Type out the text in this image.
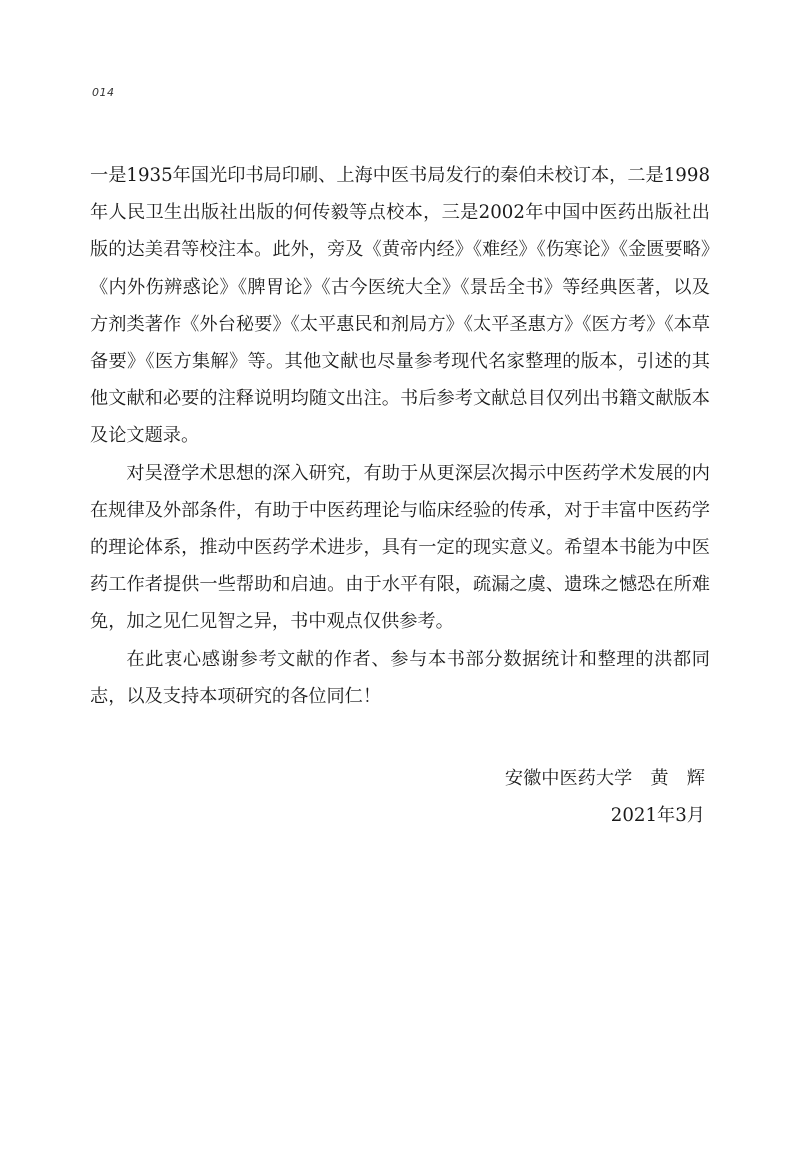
014

一是1935年国光印书局印刷、上海中医书局发行的秦伯未校订本，二是1998年人民卫生出版社出版的何传毅等点校本，三是2002年中国中医药出版社出版的达美君等校注本。此外，旁及《黄帝内经》《难经》《伤寒论》《金匮要略》《内外伤辨惑论》《脾胃论》《古今医统大全》《景岳全书》等经典医著，以及方剂类著作《外台秘要》《太平惠民和剂局方》《太平圣惠方》《医方考》《本草备要》《医方集解》等。其他文献也尽量参考现代名家整理的版本，引述的其他文献和必要的注释说明均随文出注。书后参考文献总目仅列出书籍文献版本及论文题录。

对吴澄学术思想的深入研究，有助于从更深层次揭示中医药学术发展的内在规律及外部条件，有助于中医药理论与临床经验的传承，对于丰富中医药学的理论体系，推动中医药学术进步，具有一定的现实意义。希望本书能为中医药工作者提供一些帮助和启迪。由于水平有限，疏漏之虞、遗珠之憾恐在所难免，加之见仁见智之异，书中观点仅供参考。

在此衷心感谢参考文献的作者、参与本书部分数据统计和整理的洪都同志，以及支持本项研究的各位同仁！

安徽中医药大学　黄　辉
2021年3月
